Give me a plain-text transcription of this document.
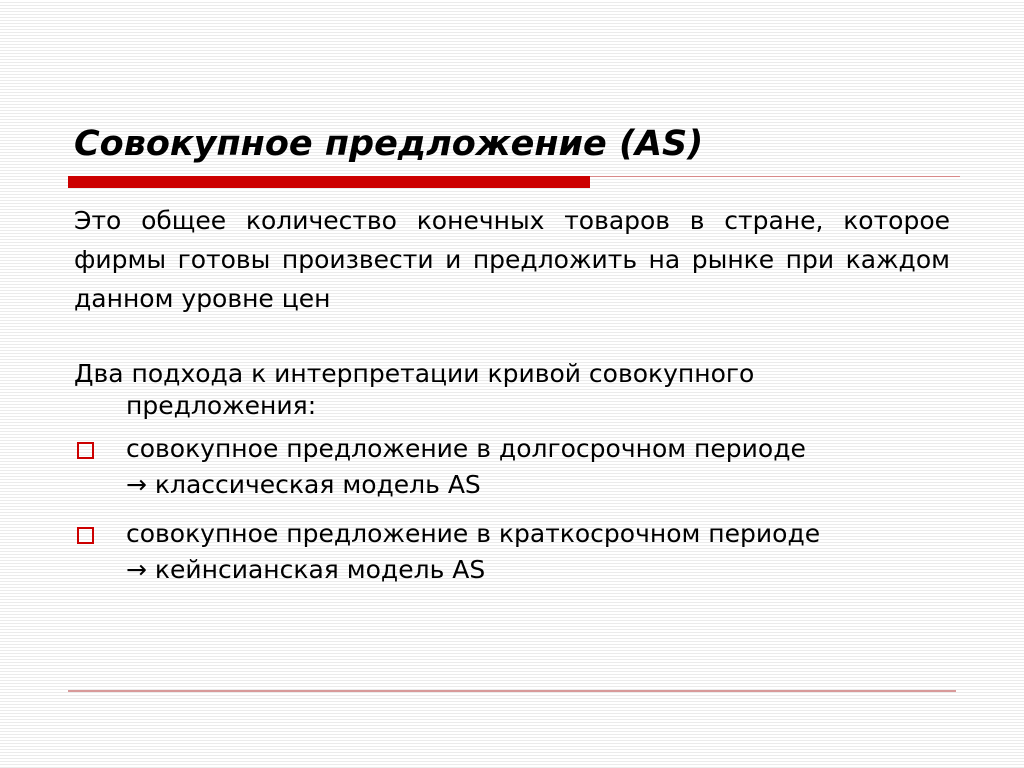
Совокупное предложение (AS)

Это общее количество конечных товаров в стране, которое фирмы готовы произвести и предложить на рынке при каждом данном уровне цен

Два подхода к интерпретации кривой совокупного предложения:

совокупное предложение в долгосрочном периоде
→ классическая модель AS
совокупное предложение в краткосрочном периоде
→ кейнсианская модель AS
